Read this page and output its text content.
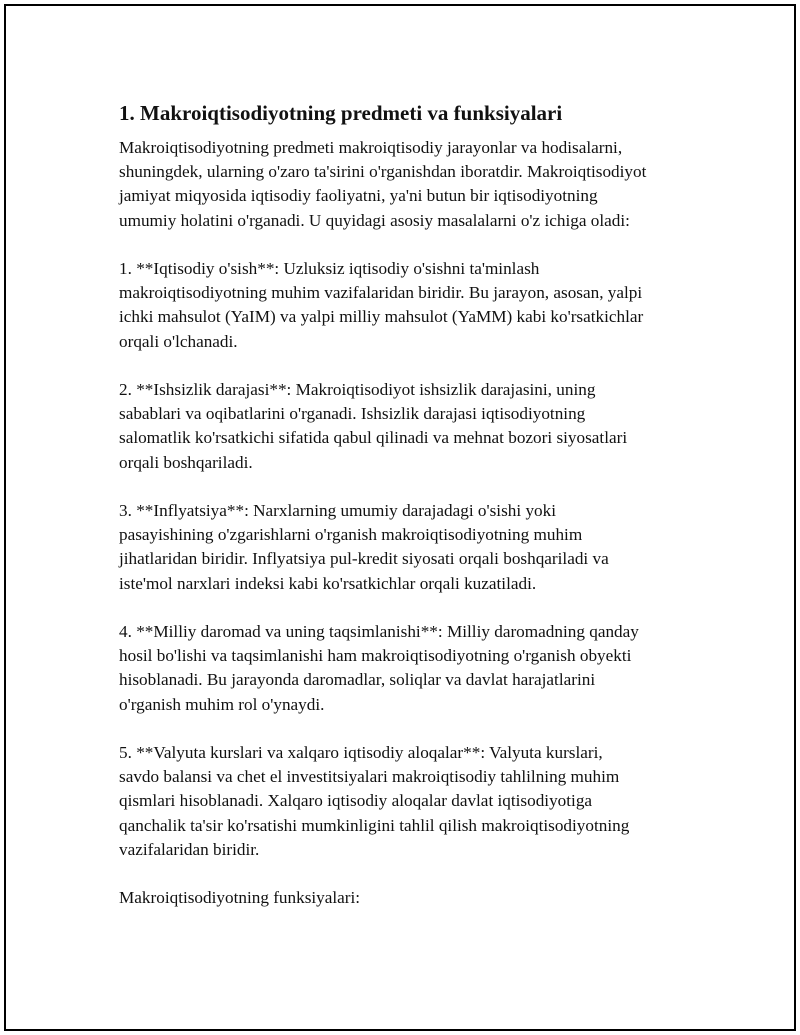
1. Makroiqtisodiyotning predmeti va funksiyalari
Makroiqtisodiyotning predmeti makroiqtisodiy jarayonlar va hodisalarni,
shuningdek, ularning o'zaro ta'sirini o'rganishdan iboratdir. Makroiqtisodiyot
jamiyat miqyosida iqtisodiy faoliyatni, ya'ni butun bir iqtisodiyotning
umumiy holatini o'rganadi. U quyidagi asosiy masalalarni o'z ichiga oladi:
1. **Iqtisodiy o'sish**: Uzluksiz iqtisodiy o'sishni ta'minlash
makroiqtisodiyotning muhim vazifalaridan biridir. Bu jarayon, asosan, yalpi
ichki mahsulot (YaIM) va yalpi milliy mahsulot (YaMM) kabi ko'rsatkichlar
orqali o'lchanadi.
2. **Ishsizlik darajasi**: Makroiqtisodiyot ishsizlik darajasini, uning
sabablari va oqibatlarini o'rganadi. Ishsizlik darajasi iqtisodiyotning
salomatlik ko'rsatkichi sifatida qabul qilinadi va mehnat bozori siyosatlari
orqali boshqariladi.
3. **Inflyatsiya**: Narxlarning umumiy darajadagi o'sishi yoki
pasayishining o'zgarishlarni o'rganish makroiqtisodiyotning muhim
jihatlaridan biridir. Inflyatsiya pul-kredit siyosati orqali boshqariladi va
iste'mol narxlari indeksi kabi ko'rsatkichlar orqali kuzatiladi.
4. **Milliy daromad va uning taqsimlanishi**: Milliy daromadning qanday
hosil bo'lishi va taqsimlanishi ham makroiqtisodiyotning o'rganish obyekti
hisoblanadi. Bu jarayonda daromadlar, soliqlar va davlat harajatlarini
o'rganish muhim rol o'ynaydi.
5. **Valyuta kurslari va xalqaro iqtisodiy aloqalar**: Valyuta kurslari,
savdo balansi va chet el investitsiyalari makroiqtisodiy tahlilning muhim
qismlari hisoblanadi. Xalqaro iqtisodiy aloqalar davlat iqtisodiyotiga
qanchalik ta'sir ko'rsatishi mumkinligini tahlil qilish makroiqtisodiyotning
vazifalaridan biridir.
Makroiqtisodiyotning funksiyalari:
